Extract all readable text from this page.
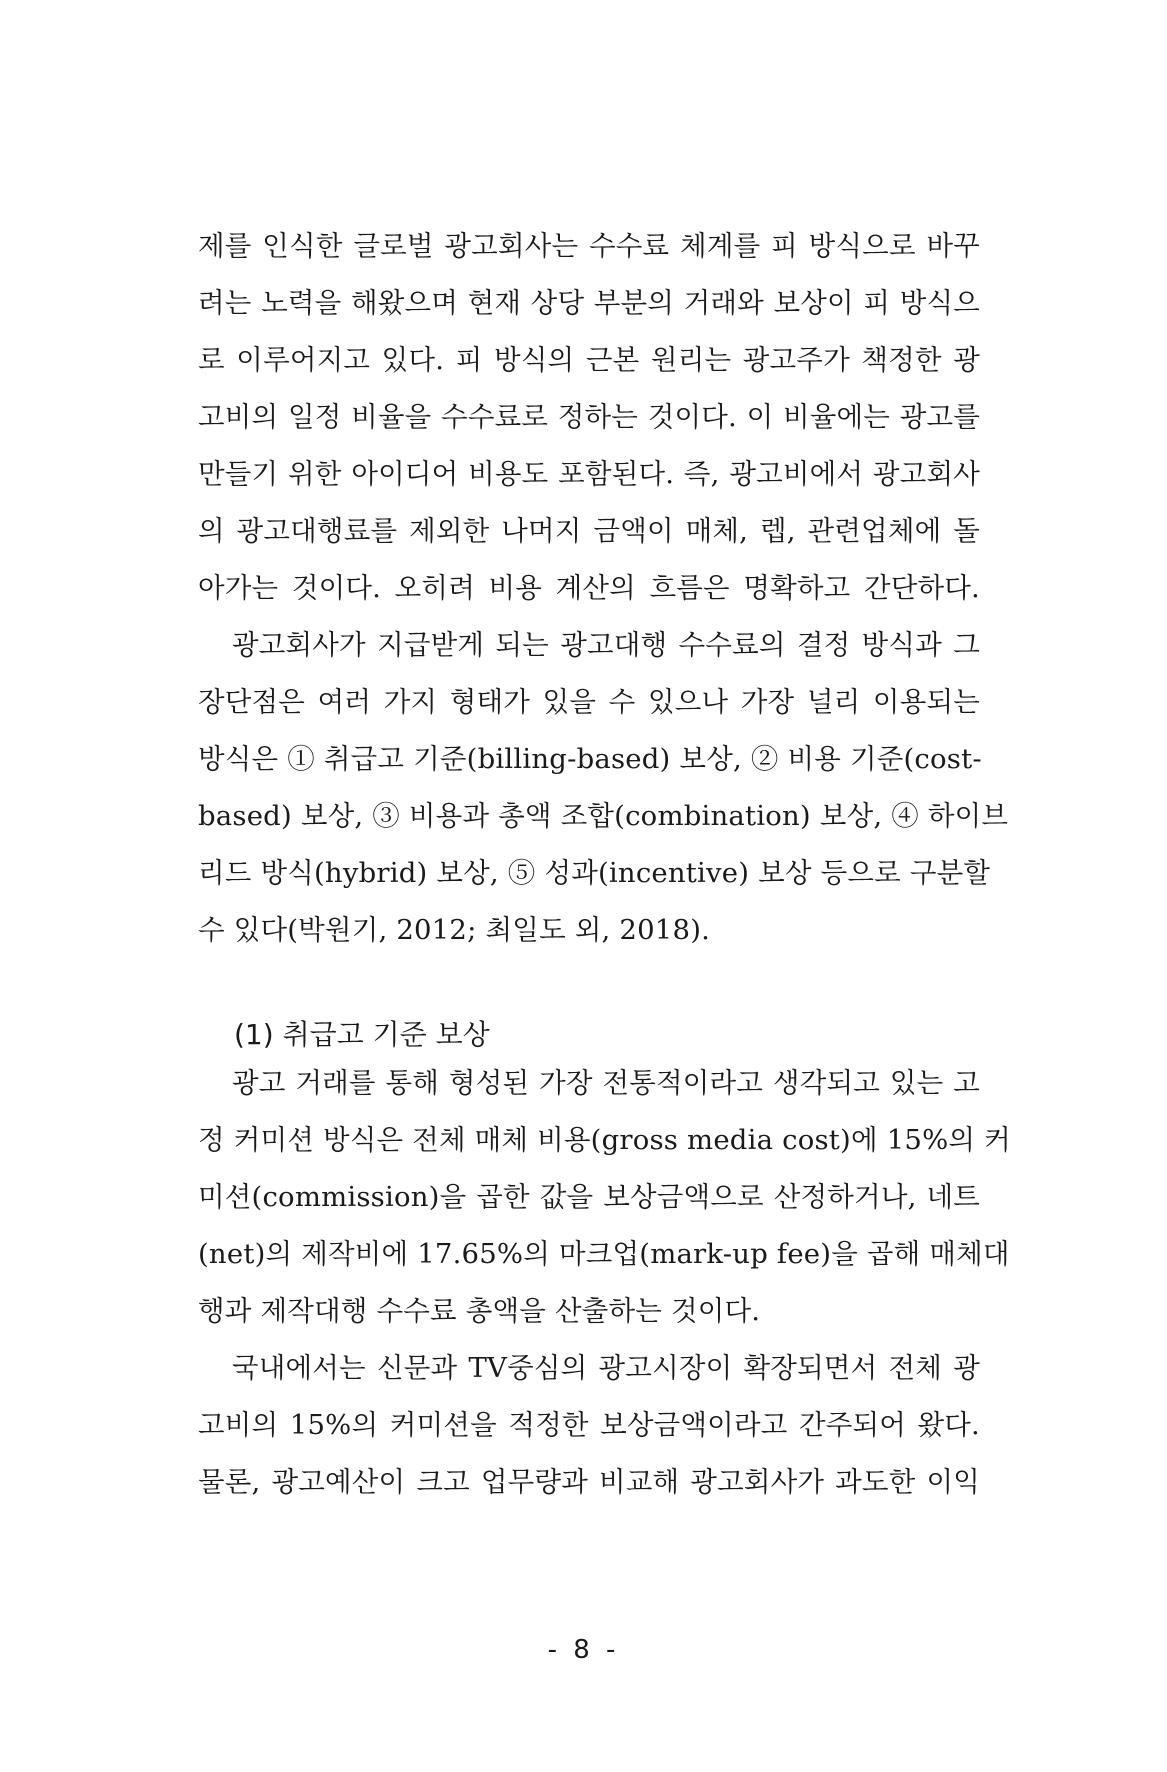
제를 인식한 글로벌 광고회사는 수수료 체계를 피 방식으로 바꾸
려는 노력을 해왔으며 현재 상당 부분의 거래와 보상이 피 방식으
로 이루어지고 있다. 피 방식의 근본 원리는 광고주가 책정한 광
고비의 일정 비율을 수수료로 정하는 것이다. 이 비율에는 광고를
만들기 위한 아이디어 비용도 포함된다. 즉, 광고비에서 광고회사
의 광고대행료를 제외한 나머지 금액이 매체, 렙, 관련업체에 돌
아가는 것이다. 오히려 비용 계산의 흐름은 명확하고 간단하다.
광고회사가 지급받게 되는 광고대행 수수료의 결정 방식과 그
장단점은 여러 가지 형태가 있을 수 있으나 가장 널리 이용되는
방식은 ① 취급고 기준(billing-based) 보상, ② 비용 기준(cost-
based) 보상, ③ 비용과 총액 조합(combination) 보상, ④ 하이브
리드 방식(hybrid) 보상, ⑤ 성과(incentive) 보상 등으로 구분할
수 있다(박원기, 2012; 최일도 외, 2018).
(1) 취급고 기준 보상
광고 거래를 통해 형성된 가장 전통적이라고 생각되고 있는 고
정 커미션 방식은 전체 매체 비용(gross media cost)에 15%의 커
미션(commission)을 곱한 값을 보상금액으로 산정하거나, 네트
(net)의 제작비에 17.65%의 마크업(mark-up fee)을 곱해 매체대
행과 제작대행 수수료 총액을 산출하는 것이다.
국내에서는 신문과 TV중심의 광고시장이 확장되면서 전체 광
고비의 15%의 커미션을 적정한 보상금액이라고 간주되어 왔다.
물론, 광고예산이 크고 업무량과 비교해 광고회사가 과도한 이익
- 8 -
